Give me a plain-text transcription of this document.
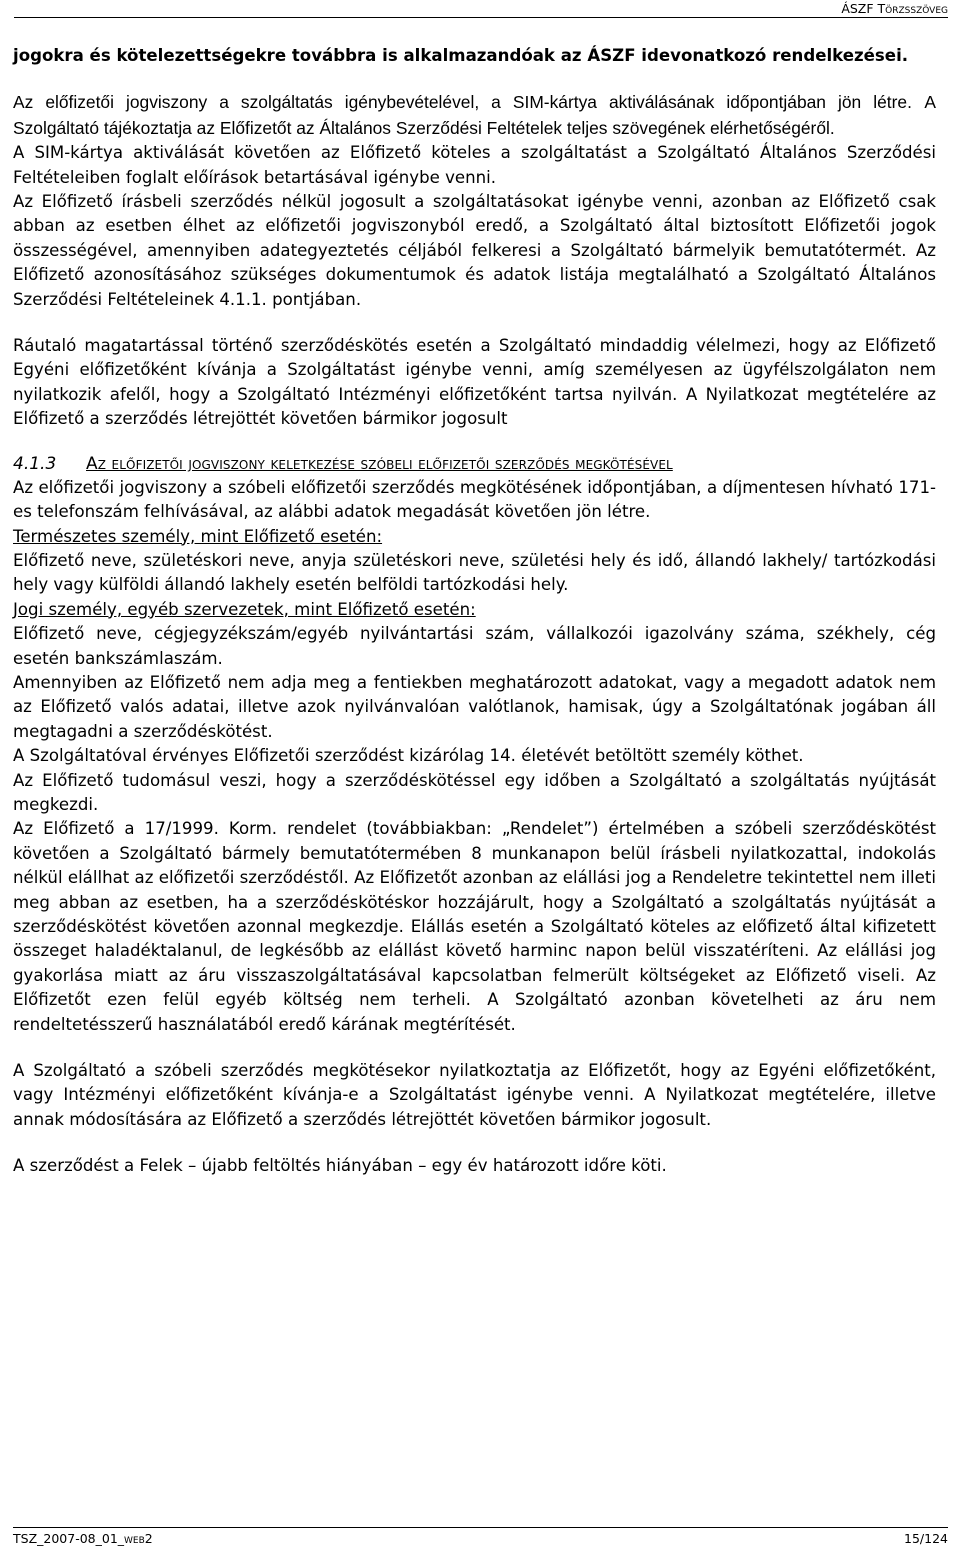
ÁSZF Törzsszöveg

jogokra és kötelezettségekre továbbra is alkalmazandóak az ÁSZF idevonatkozó rendelkezései.

Az előfizetői jogviszony a szolgáltatás igénybevételével, a SIM-kártya aktiválásának időpontjában jön létre. A Szolgáltató tájékoztatja az Előfizetőt az Általános Szerződési Feltételek teljes szövegének elérhetőségéről.

A SIM-kártya aktiválását követően az Előfizető köteles a szolgáltatást a Szolgáltató Általános Szerződési Feltételeiben foglalt előírások betartásával igénybe venni.

Az Előfizető írásbeli szerződés nélkül jogosult a szolgáltatásokat igénybe venni, azonban az Előfizető csak abban az esetben élhet az előfizetői jogviszonyból eredő, a Szolgáltató által biztosított Előfizetői jogok összességével, amennyiben adategyeztetés céljából felkeresi a Szolgáltató bármelyik bemutatótermét. Az Előfizető azonosításához szükséges dokumentumok és adatok listája megtalálható a Szolgáltató Általános Szerződési Feltételeinek 4.1.1. pontjában.

Ráutaló magatartással történő szerződéskötés esetén a Szolgáltató mindaddig vélelmezi, hogy az Előfizető Egyéni előfizetőként kívánja a Szolgáltatást igénybe venni, amíg személyesen az ügyfélszolgálaton nem nyilatkozik afelől, hogy a Szolgáltató Intézményi előfizetőként tartsa nyilván. A Nyilatkozat megtételére az Előfizető a szerződés létrejöttét követően bármikor jogosult

4.1.3	Az előfizetői jogviszony keletkezése szóbeli előfizetői szerződés megkötésével

Az előfizetői jogviszony a szóbeli előfizetői szerződés megkötésének időpontjában, a díjmentesen hívható 171-es telefonszám felhívásával, az alábbi adatok megadását követően jön létre.

Természetes személy, mint Előfizető esetén:

Előfizető neve, születéskori neve, anyja születéskori neve, születési hely és idő, állandó lakhely/ tartózkodási hely vagy külföldi állandó lakhely esetén belföldi tartózkodási hely.

Jogi személy, egyéb szervezetek, mint Előfizető esetén:

Előfizető neve, cégjegyzékszám/egyéb nyilvántartási szám, vállalkozói igazolvány száma, székhely, cég esetén bankszámlaszám.

Amennyiben az Előfizető nem adja meg a fentiekben meghatározott adatokat, vagy a megadott adatok nem az Előfizető valós adatai, illetve azok nyilvánvalóan valótlanok, hamisak, úgy a Szolgáltatónak jogában áll megtagadni a szerződéskötést.

A Szolgáltatóval érvényes Előfizetői szerződést kizárólag 14. életévét betöltött személy köthet.

Az Előfizető tudomásul veszi, hogy a szerződéskötéssel egy időben a Szolgáltató a szolgáltatás nyújtását megkezdi.

Az Előfizető a 17/1999. Korm. rendelet (továbbiakban: „Rendelet”) értelmében a szóbeli szerződéskötést követően a Szolgáltató bármely bemutatótermében 8 munkanapon belül írásbeli nyilatkozattal, indokolás nélkül elállhat az előfizetői szerződéstől. Az Előfizetőt azonban az elállási jog a Rendeletre tekintettel nem illeti meg abban az esetben, ha a szerződéskötéskor hozzájárult, hogy a Szolgáltató a szolgáltatás nyújtását a szerződéskötést követően azonnal megkezdje. Elállás esetén a Szolgáltató köteles az előfizető által kifizetett összeget haladéktalanul, de legkésőbb az elállást követő harminc napon belül visszatéríteni. Az elállási jog gyakorlása miatt az áru visszaszolgáltatásával kapcsolatban felmerült költségeket az Előfizető viseli. Az Előfizetőt ezen felül egyéb költség nem terheli. A Szolgáltató azonban követelheti az áru nem rendeltetésszerű használatából eredő kárának megtérítését.

A Szolgáltató a szóbeli szerződés megkötésekor nyilatkoztatja az Előfizetőt, hogy az Egyéni előfizetőként, vagy Intézményi előfizetőként kívánja-e a Szolgáltatást igénybe venni. A Nyilatkozat megtételére, illetve annak módosítására az Előfizető a szerződés létrejöttét követően bármikor jogosult.

A szerződést a Felek – újabb feltöltés hiányában – egy év határozott időre köti.

TSZ_2007-08_01_web2	15/124
